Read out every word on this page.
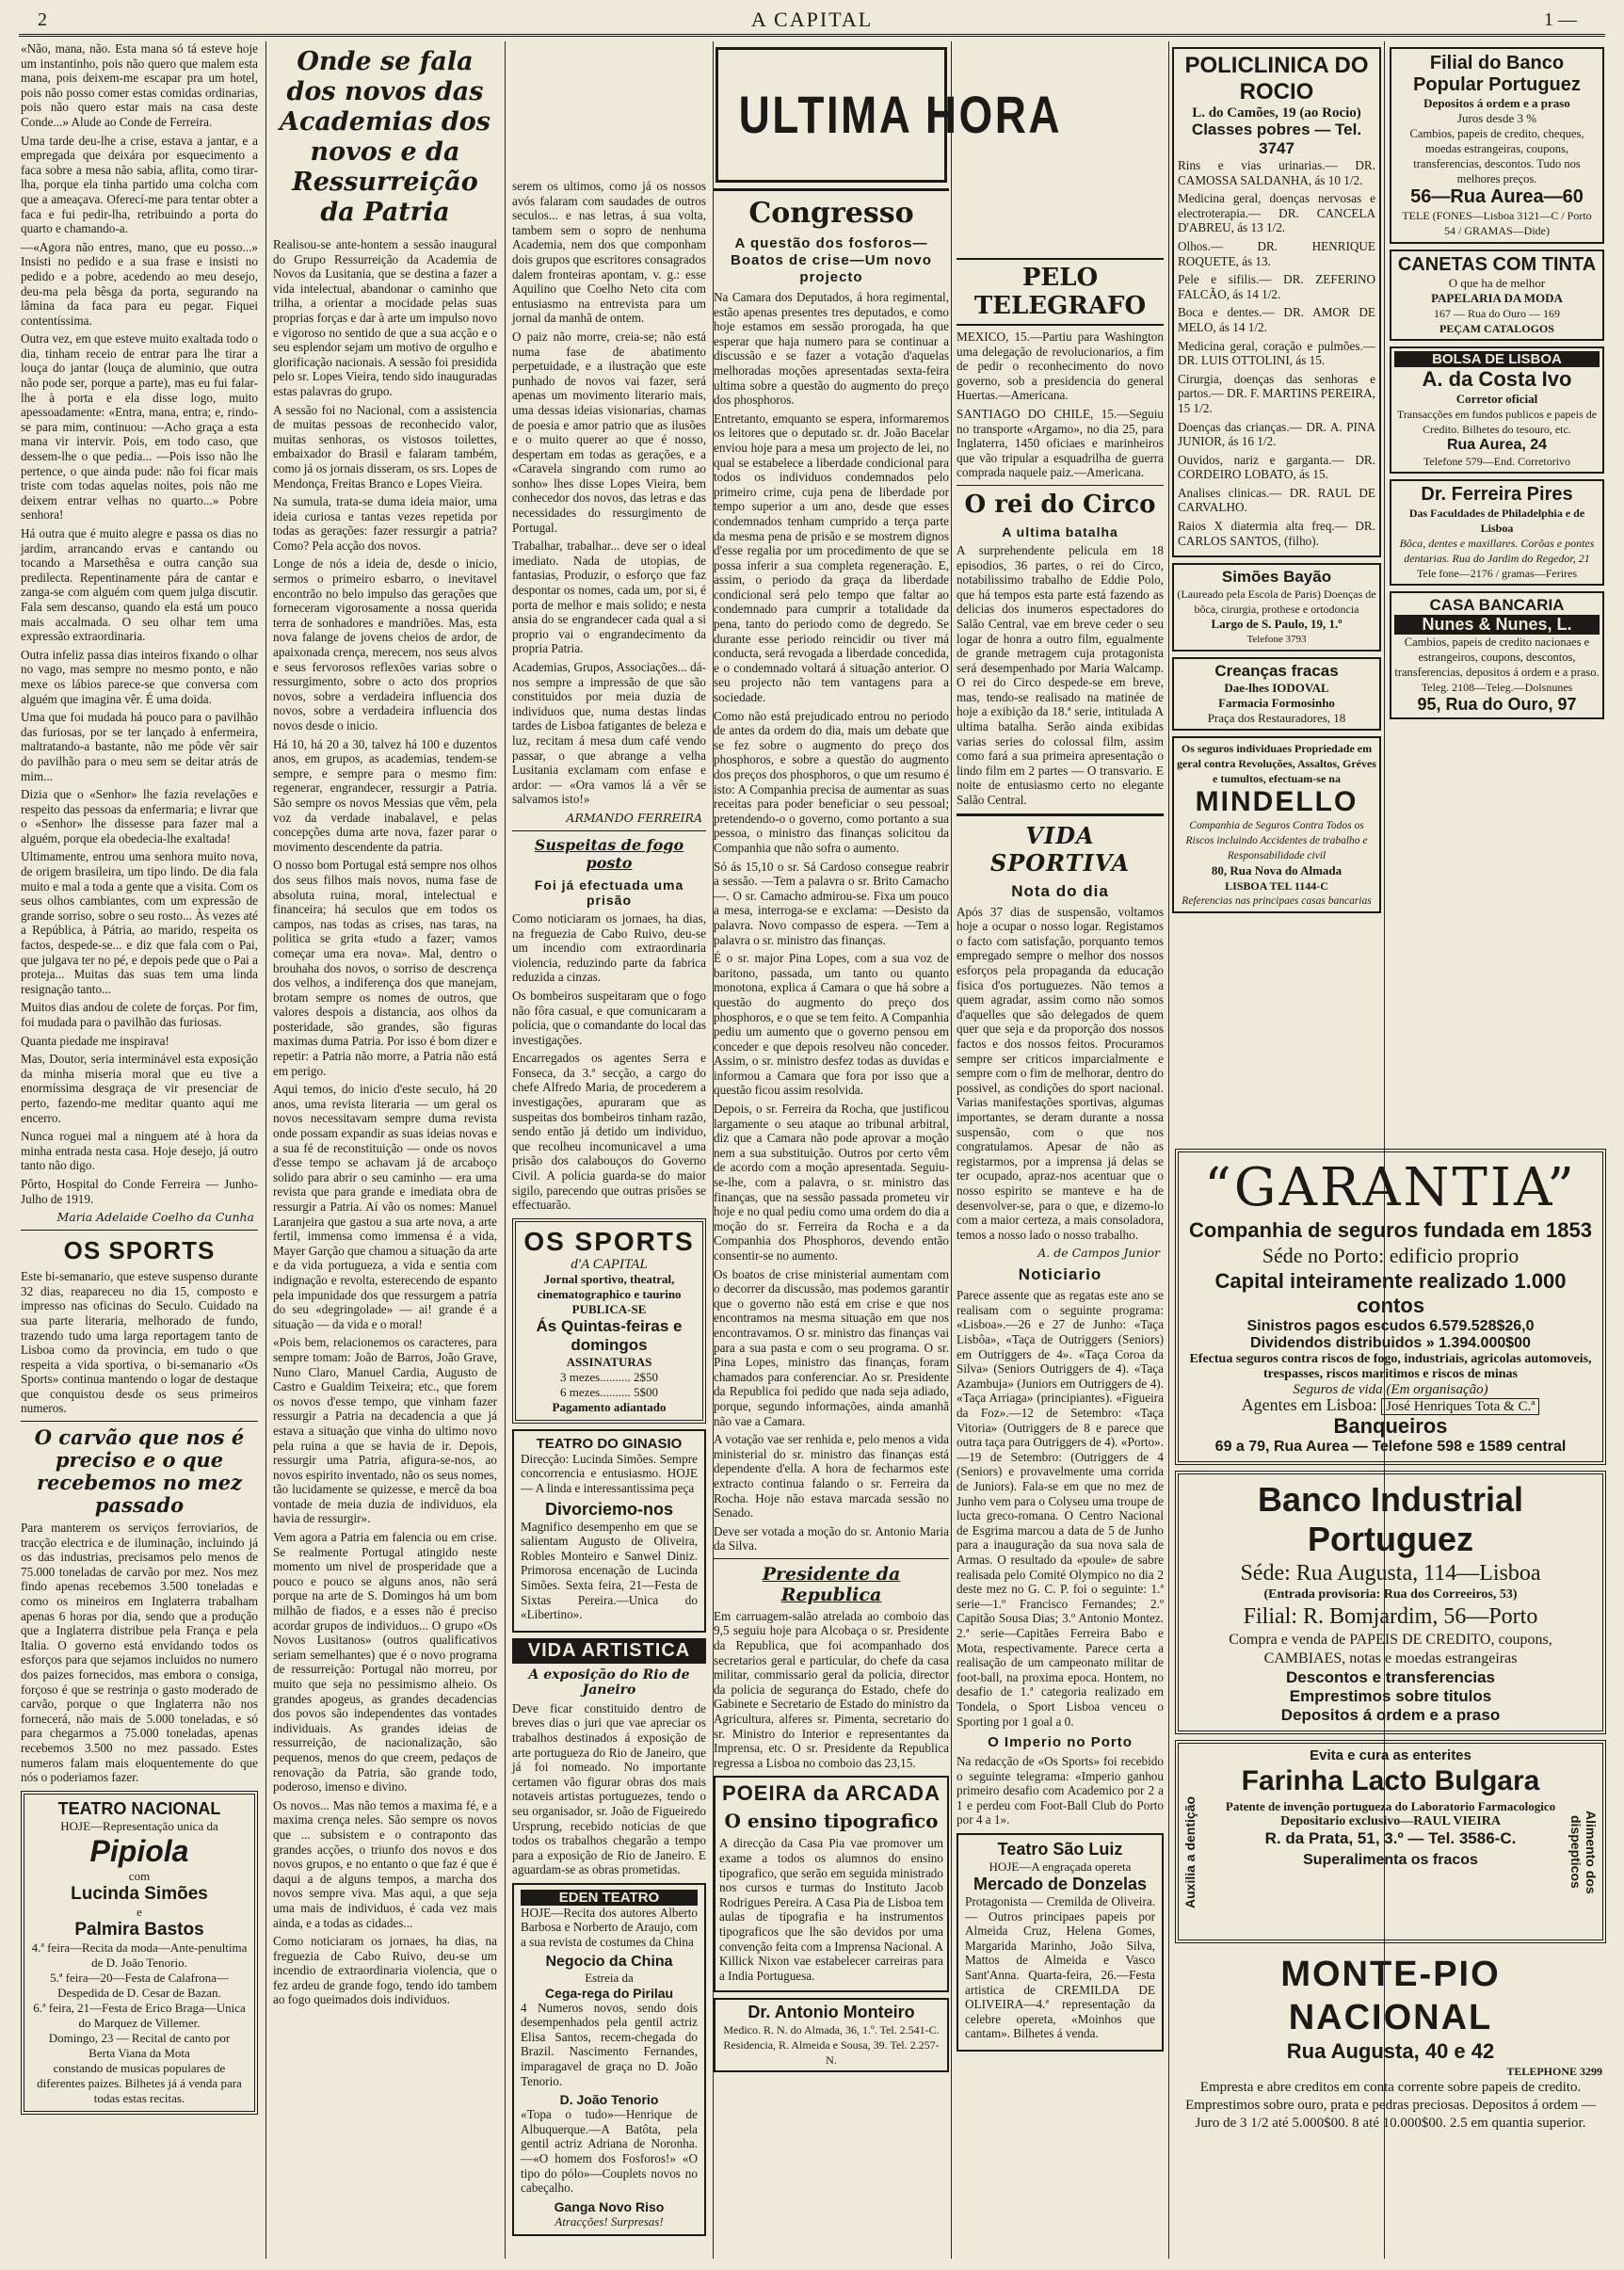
2	A CAPITAL	1 —
«Não, mana, não. Esta mana só tá esteve hoje um instantinho, pois não quero que malem esta mana, pois deixem-me escapar pra um hotel, pois não posso comer estas comidas ordinarias, pois não quero estar mais na casa deste Conde...» Alude ao Conde de Ferreira.
Uma tarde deu-lhe a crise, estava a jantar, e a empregada que deixára por esquecimento a faca sobre a mesa não sabia, aflita, como tirar-lha, porque ela tinha partido uma colcha com que a ameaçava. Oferecí-me para tentar obter a faca e fui pedir-lha, retribuindo a porta do quarto e chamando-a.
—«Agora não entres, mano, que eu posso...» Insisti no pedido e a sua frase e insisti no pedido e a pobre, acedendo ao meu desejo, deu-ma pela bêsga da porta, segurando na lâmina da faca para eu pegar. Fiquei contentíssima.
Outra vez, em que esteve muito exaltada todo o dia, tinham receio de entrar para lhe tirar a louça do jantar (louça de aluminio, que outra não pode ser, porque a parte), mas eu fui falar-lhe à porta e ela disse logo, muito apessoadamente: «Entra, mana, entra; e, rindo-se para mim, continuou: —Acho graça a esta mana vir intervir. Pois, em todo caso, que dessem-lhe o que pedia... —Pois isso não lhe pertence, o que ainda pude: não foi ficar mais triste com todas aquelas noites, pois não me deixem entrar velhas no quarto...» Pobre senhora!
Há outra que é muito alegre e passa os dias no jardim, arrancando ervas e cantando ou tocando a Marsethêsa e outra canção sua predilecta. Repentinamente pára de cantar e zanga-se com alguém com quem julga discutir. Fala sem descanso, quando ela está um pouco mais accalmada. O seu olhar tem uma expressão extraordinaria.
Outra infeliz passa dias inteiros fixando o olhar no vago, mas sempre no mesmo ponto, e não mexe os lábios parece-se que conversa com alguém que imagina vêr. É uma doida.
Uma que foi mudada há pouco para o pavilhão das furiosas, por se ter lançado à enfermeira, maltratando-a bastante, não me pôde vêr sair do pavilhão para o meu sem se deitar atrás de mim...
Dizia que o «Senhor» lhe fazia revelações e respeito das pessoas da enfermaria; e livrar que o «Senhor» lhe dissesse para fazer mal a alguém, porque ela obedecia-lhe exaltada!
Ultimamente, entrou uma senhora muito nova, de origem brasileira, um tipo lindo. De dia fala muito e mal a toda a gente que a visita. Com os seus olhos cambiantes, com um expressão de grande sorriso, sobre o seu rosto... Às vezes até a República, à Pátria, ao marido, respeita os factos, despede-se... e diz que fala com o Pai, que julgava ter no pé, e depois pede que o Pai a proteja... Muitas das suas tem uma linda resignação tanto...
Muitos dias andou de colete de forças. Por fim, foi mudada para o pavilhão das furiosas.
Quanta piedade me inspirava!
Mas, Doutor, seria interminável esta exposição da minha miseria moral que eu tive a enormíssima desgraça de vir presenciar de perto, fazendo-me meditar quanto aqui me encerro.
Nunca roguei mal a ninguem até à hora da minha entrada nesta casa. Hoje desejo, já outro tanto não digo.
Pôrto, Hospital do Conde Ferreira — Junho-Julho de 1919.
Maria Adelaide Coelho da Cunha
OS SPORTS
Este bi-semanario, que esteve suspenso durante 32 dias, reapareceu no dia 15, composto e impresso nas oficinas do Seculo. Cuidado na sua parte literaria, melhorado de fundo, trazendo tudo uma larga reportagem tanto de Lisboa como da provincia, em tudo o que respeita a vida sportiva, o bi-semanario «Os Sports» continua mantendo o logar de destaque que conquistou desde os seus primeiros numeros.
O carvão que nos é preciso e o que recebemos no mez passado
Para manterem os serviços ferroviarios, de tracção electrica e de iluminação, incluindo já os das industrias, precisamos pelo menos de 75.000 toneladas de carvão por mez. Nos mez findo apenas recebemos 3.500 toneladas e como os mineiros em Inglaterra trabalham apenas 6 horas por dia, sendo que a produção que a Inglaterra distribue pela França e pela Italia. O governo está envidando todos os esforços para que sejamos incluidos no numero dos paizes fornecidos, mas embora o consiga, forçoso é que se restrinja o gasto moderado de carvão, porque o que Inglaterra não nos fornecerá, não mais de 5.000 toneladas, e só para chegarmos a 75.000 toneladas, apenas recebemos 3.500 no mez passado. Estes numeros falam mais eloquentemente do que nós o poderiamos fazer.
TEATRO NACIONAL
HOJE—Representação unica da
Pipiola
com
Lucinda Simões
e
Palmira Bastos
4.ª feira—Recita da moda—Ante-penultima de D. João Tenorio.
5.ª feira—20—Festa de Calafrona—Despedida de D. Cesar de Bazan.
6.ª feira, 21—Festa de Erico Braga—Unica do Marquez de Villemer.
Domingo, 23 — Recital de canto por
Berta Viana da Mota
constando de musicas populares de diferentes paizes. Bilhetes já á venda para todas estas recitas.
Onde se fala dos novos das Academias dos novos e da Ressurreição da Patria
Realisou-se ante-hontem a sessão inaugural do Grupo Ressurreição da Academia de Novos da Lusitania, que se destina a fazer a vida intelectual, abandonar o caminho que trilha, a orientar a mocidade pelas suas proprias forças e dar à arte um impulso novo e vigoroso no sentido de que a sua acção e o seu esplendor sejam um motivo de orgulho e glorificação nacionais. A sessão foi presidida pelo sr. Lopes Vieira, tendo sido inauguradas estas palavras do grupo.
A sessão foi no Nacional, com a assistencia de muitas pessoas de reconhecido valor, muitas senhoras, os vistosos toilettes, embaixador do Brasil e falaram também, como já os jornais disseram, os srs. Lopes de Mendonça, Freitas Branco e Lopes Vieira.
Na sumula, trata-se duma ideia maior, uma ideia curiosa e tantas vezes repetida por todas as gerações: fazer ressurgir a patria? Como? Pela acção dos novos.
Longe de nós a ideia de, desde o inicio, sermos o primeiro esbarro, o inevitavel encontrão no belo impulso das gerações que forneceram vigorosamente a nossa querida terra de sonhadores e mandriões. Mas, esta nova falange de jovens cheios de ardor, de apaixonada crença, merecem, nos seus alvos e seus fervorosos reflexões varias sobre o ressurgimento, sobre o acto dos proprios novos, sobre a verdadeira influencia dos novos, sobre a verdadeira influencia dos novos desde o inicio.
Há 10, há 20 a 30, talvez há 100 e duzentos anos, em grupos, as academias, tendem-se sempre, e sempre para o mesmo fim: regenerar, engrandecer, ressurgir a Patria. São sempre os novos Messias que vêm, pela voz da verdade inabalavel, e pelas concepções duma arte nova, fazer parar o movimento descendente da patria.
O nosso bom Portugal está sempre nos olhos dos seus filhos mais novos, numa fase de absoluta ruina, moral, intelectual e financeira; há seculos que em todos os campos, nas todas as crises, nas taras, na politica se grita «tudo a fazer; vamos começar uma era nova». Mal, dentro o brouhaha dos novos, o sorriso de descrença dos velhos, a indiferença dos que manejam, brotam sempre os nomes de outros, que valores despois a distancia, aos olhos da posteridade, são grandes, são figuras maximas duma Patria. Por isso é bom dizer e repetir: a Patria não morre, a Patria não está em perigo.
Aqui temos, do inicio d'este seculo, há 20 anos, uma revista literaria — um geral os novos necessitavam sempre duma revista onde possam expandir as suas ideias novas e a sua fé de reconstituição — onde os novos d'esse tempo se achavam já de arcaboço solido para abrir o seu caminho — era uma revista que para grande e imediata obra de ressurgir a Patria. Aí vão os nomes: Manuel Laranjeira que gastou a sua arte nova, a arte fertil, immensa como immensa é a vida, Mayer Garção que chamou a situação da arte e da vida portugueza, a vida e sentia com indignação e revolta, esterecendo de espanto pela impunidade dos que ressurgem a patria do seu «degringolade» — ai! grande é a situação — da vida e o moral!
«Pois bem, relacionemos os caracteres, para sempre tomam: João de Barros, João Grave, Nuno Claro, Manuel Cardia, Augusto de Castro e Gualdim Teixeira; etc., que forem os novos d'esse tempo, que vinham fazer ressurgir a Patria na decadencia a que já estava a situação que vinha do ultimo novo pela ruina a que se havia de ir. Depois, ressurgir uma Patria, afigura-se-nos, ao novos espirito inventado, não os seus nomes, tão lucidamente se quizesse, e mercê da boa vontade de meia duzia de individuos, ela havia de ressurgir».
Vem agora a Patria em falencia ou em crise. Se realmente Portugal atingido neste momento um nivel de prosperidade que a pouco e pouco se alguns anos, não será porque na arte de S. Domingos há um bom milhão de fiados, e a esses não é preciso acordar grupos de individuos... O grupo «Os Novos Lusitanos» (outros qualificativos seriam semelhantes) que é o novo programa de ressurreição: Portugal não morreu, por muito que seja no pessimismo alheio. Os grandes apogeus, as grandes decadencias dos povos são independentes das vontades individuais. As grandes ideias de ressurreição, de nacionalização, são pequenos, menos do que creem, pedaços de renovação da Patria, são grande todo, poderoso, imenso e divino.
Os novos... Mas não temos a maxima fé, e a maxima crença neles. São sempre os novos que ... subsistem e o contraponto das grandes acções, o triunfo dos novos e dos novos grupos, e no entanto o que faz é que é daqui a de alguns tempos, a marcha dos novos sempre viva. Mas aqui, a que seja uma mais de individuos, é cada vez mais ainda, e a todas as cidades...
Como noticiaram os jornaes, ha dias, na freguezia de Cabo Ruivo, deu-se um incendio de extraordinaria violencia, que o fez ardeu de grande fogo, tendo ido tambem ao fogo queimados dois individuos.
serem os ultimos, como já os nossos avós falaram com saudades de outros seculos... e nas letras, á sua volta, tambem sem o sopro de nenhuma Academia, nem dos que componham dois grupos que escritores consagrados dalem fronteiras apontam, v. g.: esse Aquilino que Coelho Neto cita com entusiasmo na entrevista para um jornal da manhã de ontem.
O paiz não morre, creia-se; não está numa fase de abatimento perpetuidade, e a ilustração que este punhado de novos vai fazer, será apenas um movimento literario mais, uma dessas ideias visionarias, chamas de poesia e amor patrio que as ilusões e o muito querer ao que é nosso, despertam em todas as gerações, e a «Caravela singrando com rumo ao sonho» lhes disse Lopes Vieira, bem conhecedor dos novos, das letras e das necessidades do ressurgimento de Portugal.
Trabalhar, trabalhar... deve ser o ideal imediato. Nada de utopias, de fantasias, Produzir, o esforço que faz despontar os nomes, cada um, por si, é porta de melhor e mais solido; e nesta ansia do se engrandecer cada qual a si proprio vai o engrandecimento da propria Patria.
Academias, Grupos, Associações... dá-nos sempre a impressão de que são constituidos por meia duzia de individuos que, numa destas lindas tardes de Lisboa fatigantes de beleza e luz, recitam á mesa dum café vendo passar, o que abrange a velha Lusitania exclamam com enfase e ardor: — «Ora vamos lá a vêr se salvamos isto!»
ARMANDO FERREIRA
Suspeitas de fogo posto
Foi já efectuada uma prisão
Como noticiaram os jornaes, ha dias, na freguezia de Cabo Ruivo, deu-se um incendio com extraordinaria violencia, reduzindo parte da fabrica reduzida a cinzas.
Os bombeiros suspeitaram que o fogo não fôra casual, e que comunicaram a polícia, que o comandante do local das investigações.
Encarregados os agentes Serra e Fonseca, da 3.ª secção, a cargo do chefe Alfredo Maria, de procederem a investigações, apuraram que as suspeitas dos bombeiros tinham razão, sendo então já detido um individuo, que recolheu incomunicavel a uma prisão dos calabouços do Governo Civil. A policia guarda-se do maior sigilo, parecendo que outras prisões se effectuarão.
OS SPORTS
d'A CAPITAL
Jornal sportivo, theatral, cinematographico e taurino PUBLICA-SE
Ás Quintas-feiras e domingos
ASSINATURAS
3 mezes.......... 2$50
6 mezes.......... 5$00
Pagamento adiantado
TEATRO DO GINASIO
Direcção: Lucinda Simões. Sempre concorrencia e entusiasmo. HOJE — A linda e interessantissima peça
Divorciemo-nos
Magnifico desempenho em que se salientam Augusto de Oliveira, Robles Monteiro e Sanwel Diniz. Primorosa encenação de Lucinda Simões. Sexta feira, 21—Festa de Sixtas Pereira.—Unica do «Libertino».
VIDA ARTISTICA
A exposição do Rio de Janeiro
Deve ficar constituido dentro de breves dias o juri que vae apreciar os trabalhos destinados á exposição de arte portugueza do Rio de Janeiro, que já foi nomeado. No importante certamen vão figurar obras dos mais notaveis artistas portuguezes, tendo o seu organisador, sr. João de Figueiredo Ursprung, recebido noticias de que todos os trabalhos chegarão a tempo para a exposição de Rio de Janeiro. E aguardam-se as obras prometidas.
EDEN TEATRO
HOJE—Recita dos autores Alberto Barbosa e Norberto de Araujo, com a sua revista de costumes da China
Negocio da China
Estreia da
Cega-rega do Pirilau
4 Numeros novos, sendo dois desempenhados pela gentil actriz Elisa Santos, recem-chegada do Brazil. Nascimento Fernandes, imparagavel de graça no D. João Tenorio.
D. João Tenorio
«Topa o tudo»—Henrique de Albuquerque.—A Batôta, pela gentil actriz Adriana de Noronha.—«O homem dos Fosforos!» «O tipo do pólo»—Couplets novos no cabeçalho.
Ganga Novo Riso
Atracções! Surpresas!
ULTIMA HORA
Congresso
A questão dos fosforos—Boatos de crise—Um novo projecto
Na Camara dos Deputados, á hora regimental, estão apenas presentes tres deputados, e como hoje estamos em sessão prorogada, ha que esperar que haja numero para se continuar a discussão e se fazer a votação d'aquelas melhoradas moções apresentadas sexta-feira ultima sobre a questão do augmento do preço dos phosphoros.
Entretanto, emquanto se espera, informaremos os leitores que o deputado sr. dr. João Bacelar enviou hoje para a mesa um projecto de lei, no qual se estabelece a liberdade condicional para todos os individuos condemnados pelo primeiro crime, cuja pena de liberdade por tempo superior a um ano, desde que esses condemnados tenham cumprido a terça parte da mesma pena de prisão e se mostrem dignos d'esse regalia por um procedimento de que se possa inferir a sua completa regeneração. E, assim, o periodo da graça da liberdade condicional será pelo tempo que faltar ao condemnado para cumprir a totalidade da pena, tanto do periodo como de degredo. Se durante esse periodo reincidir ou tiver má conducta, será revogada a liberdade concedida, e o condemnado voltará á situação anterior. O seu projecto não tem vantagens para a sociedade.
Como não está prejudicado entrou no periodo de antes da ordem do dia, mais um debate que se fez sobre o augmento do preço dos phosphoros, e sobre a questão do augmento dos preços dos phosphoros, o que um resumo é isto: A Companhia precisa de aumentar as suas receitas para poder beneficiar o seu pessoal; pretendendo-o o governo, como portanto a sua pessoa, o ministro das finanças solicitou da Companhia que não sofra o aumento.
Só ás 15,10 o sr. Sá Cardoso consegue reabrir a sessão. —Tem a palavra o sr. Brito Camacho—. O sr. Camacho admirou-se. Fixa um pouco a mesa, interroga-se e exclama: —Desisto da palavra. Novo compasso de espera. —Tem a palavra o sr. ministro das finanças.
É o sr. major Pina Lopes, com a sua voz de baritono, passada, um tanto ou quanto monotona, explica á Camara o que há sobre a questão do augmento do preço dos phosphoros, e o que se tem feito. A Companhia pediu um aumento que o governo pensou em conceder e que depois resolveu não conceder. Assim, o sr. ministro desfez todas as duvidas e informou a Camara que fora por isso que a questão ficou assim resolvida.
Depois, o sr. Ferreira da Rocha, que justificou largamente o seu ataque ao tribunal arbitral, diz que a Camara não pode aprovar a moção nem a sua substituição. Outros por certo vêm de acordo com a moção apresentada. Seguiu-se-lhe, com a palavra, o sr. ministro das finanças, que na sessão passada prometeu vir hoje e no qual pediu como uma ordem do dia a moção do sr. Ferreira da Rocha e a da Companhia dos Phosphoros, devendo então consentir-se no aumento.
Os boatos de crise ministerial aumentam com o decorrer da discussão, mas podemos garantir que o governo não está em crise e que nos encontramos na mesma situação em que nos encontravamos. O sr. ministro das finanças vai para a sua pasta e com o seu programa. O sr. Pina Lopes, ministro das finanças, foram chamados para conferenciar. Ao sr. Presidente da Republica foi pedido que nada seja adiado, porque, segundo informações, ainda amanhã não vae a Camara.
A votação vae ser renhida e, pelo menos a vida ministerial do sr. ministro das finanças está dependente d'ella. A hora de fecharmos este extracto continua falando o sr. Ferreira da Rocha. Hoje não estava marcada sessão no Senado.
Deve ser votada a moção do sr. Antonio Maria da Silva.
Presidente da Republica
Em carruagem-salão atrelada ao comboio das 9,5 seguiu hoje para Alcobaça o sr. Presidente da Republica, que foi acompanhado dos secretarios geral e particular, do chefe da casa militar, commissario geral da policia, director da policia de segurança do Estado, chefe do Gabinete e Secretario de Estado do ministro da Agricultura, alferes sr. Pimenta, secretario do sr. Ministro do Interior e representantes da Imprensa, etc. O sr. Presidente da Republica regressa a Lisboa no comboio das 23,15.
POEIRA da ARCADA
O ensino tipografico
A direcção da Casa Pia vae promover um exame a todos os alumnos do ensino tipografico, que serão em seguida ministrado nos cursos e turmas do Instituto Jacob Rodrigues Pereira. A Casa Pia de Lisboa tem aulas de tipografia e ha instrumentos tipograficos que lhe são devidos por uma convenção feita com a Imprensa Nacional. A Killick Nixon vae estabelecer carreiras para a India Portuguesa.
Dr. Antonio Monteiro
Medico. R. N. do Almada, 36, 1.º. Tel. 2.541-C. Residencia, R. Almeida e Sousa, 39. Tel. 2.257-N.
PELO TELEGRAFO
MEXICO, 15.—Partiu para Washington uma delegação de revolucionarios, a fim de pedir o reconhecimento do novo governo, sob a presidencia do general Huertas.—Americana.
SANTIAGO DO CHILE, 15.—Seguiu no transporte «Argamo», no dia 25, para Inglaterra, 1450 oficiaes e marinheiros que vão tripular a esquadrilha de guerra comprada naquele paiz.—Americana.
O rei do Circo
A ultima batalha
A surprehendente pelicula em 18 episodios, 36 partes, o rei do Circo, notabilissimo trabalho de Eddie Polo, que há tempos esta parte está fazendo as delicias dos inumeros espectadores do Salão Central, vae em breve ceder o seu logar de honra a outro film, egualmente de grande metragem cuja protagonista será desempenhado por Maria Walcamp. O rei do Circo despede-se em breve, mas, tendo-se realisado na matinée de hoje a exibição da 18.ª serie, intitulada A ultima batalha. Serão ainda exibidas varias series do colossal film, assim como fará a sua primeira apresentação o lindo film em 2 partes — O transvario. E noite de entusiasmo certo no elegante Salão Central.
VIDA SPORTIVA
Nota do dia
Após 37 dias de suspensão, voltamos hoje a ocupar o nosso logar. Registamos o facto com satisfação, porquanto temos empregado sempre o melhor dos nossos esforços pela propaganda da educação fisica d'os portuguezes. Não temos a quem agradar, assim como não somos d'aquelles que são delegados de quem quer que seja e da proporção dos nossos factos e dos nossos feitos. Procuramos sempre ser criticos imparcialmente e sempre com o fim de melhorar, dentro do possivel, as condições do sport nacional. Varias manifestações sportivas, algumas importantes, se deram durante a nossa suspensão, com o que nos congratulamos. Apesar de não as registarmos, por a imprensa já delas se ter ocupado, apraz-nos acentuar que o nosso espirito se manteve e ha de desenvolver-se, para o que, e dizemo-lo com a maior certeza, a mais consoladora, temos a nosso lado o nosso trabalho.
A. de Campos Junior
Noticiario
Parece assente que as regatas este ano se realisam com o seguinte programa: «Lisboa».—26 e 27 de Junho: «Taça Lisbôa», «Taça de Outriggers (Seniors) em Outriggers de 4». «Taça Coroa da Silva» (Seniors Outriggers de 4). «Taça Azambuja» (Juniors em Outriggers de 4). «Taça Arriaga» (principiantes). «Figueira da Foz».—12 de Setembro: «Taça Vitoria» (Outriggers de 8 e parece que outra taça para Outriggers de 4). «Porto».—19 de Setembro: (Outriggers de 4 (Seniors) e provavelmente uma corrida de Juniors). Fala-se em que no mez de Junho vem para o Colyseu uma troupe de lucta greco-romana. O Centro Nacional de Esgrima marcou a data de 5 de Junho para a inauguração da sua nova sala de Armas. O resultado da «poule» de sabre realisada pelo Comité Olympico no dia 2 deste mez no G. C. P. foi o seguinte: 1.ª serie—1.º Francisco Fernandes; 2.º Capitão Sousa Dias; 3.º Antonio Montez. 2.ª serie—Capitães Ferreira Babo e Mota, respectivamente. Parece certa a realisação de um campeonato militar de foot-ball, na proxima epoca. Hontem, no desafio de 1.ª categoria realizado em Tondela, o Sport Lisboa venceu o Sporting por 1 goal a 0.
O Imperio no Porto
Na redacção de «Os Sports» foi recebido o seguinte telegrama: «Imperio ganhou primeiro desafio com Academico por 2 a 1 e perdeu com Foot-Ball Club do Porto por 4 a 1».
Teatro São Luiz
HOJE—A engraçada opereta
Mercado de Donzelas
Protagonista — Cremilda de Oliveira. — Outros principaes papeis por Almeida Cruz, Helena Gomes, Margarida Marinho, João Silva, Mattos de Almeida e Vasco Sant'Anna. Quarta-feira, 26.—Festa artistica de CREMILDA DE OLIVEIRA—4.ª representação da celebre opereta, «Moinhos que cantam». Bilhetes á venda.
POLICLINICA DO ROCIO
L. do Camões, 19 (ao Rocio)
Classes pobres — Tel. 3747
Rins e vias urinarias.— DR. CAMOSSA SALDANHA, ás 10 1/2.
Medicina geral, doenças nervosas e electroterapia.— DR. CANCELA D'ABREU, ás 13 1/2.
Olhos.— DR. HENRIQUE ROQUETE, ás 13.
Pele e sifilis.— DR. ZEFERINO FALCÃO, ás 14 1/2.
Boca e dentes.— DR. AMOR DE MELO, ás 14 1/2.
Medicina geral, coração e pulmões.— DR. LUIS OTTOLINI, ás 15.
Cirurgia, doenças das senhoras e partos.— DR. F. MARTINS PEREIRA, 15 1/2.
Doenças das crianças.— DR. A. PINA JUNIOR, ás 16 1/2.
Ouvidos, nariz e garganta.— DR. CORDEIRO LOBATO, ás 15.
Analises clinicas.— DR. RAUL DE CARVALHO.
Raios X diatermia alta freq.— DR. CARLOS SANTOS, (filho).
Simões Bayão
(Laureado pela Escola de Paris) Doenças de bôca, cirurgia, prothese e ortodoncia
Largo de S. Paulo, 19, 1.º
Telefone 3793
Creanças fracas
Dae-lhes IODOVAL
Farmacia Formosinho
Praça dos Restauradores, 18
Os seguros individuaes Propriedade em geral contra Revoluções, Assaltos, Gréves e tumultos, efectuam-se na
MINDELLO
Companhia de Seguros Contra Todos os Riscos incluindo Accidentes de trabalho e Responsabilidade civil
80, Rua Nova do Almada
LISBOA TEL 1144-C
Referencias nas principaes casas bancarias
Filial do Banco Popular Portuguez
Depositos á ordem e a praso
Juros desde 3 %
Cambios, papeis de credito, cheques, moedas estrangeiras, coupons, transferencias, descontos. Tudo nos melhores preços.
56—Rua Aurea—60
TELE (FONES—Lisboa 3121—C / Porto 54 / GRAMAS—Dide)
CANETAS COM TINTA
O que ha de melhor
PAPELARIA DA MODA
167 — Rua do Ouro — 169
PEÇAM CATALOGOS
BOLSA DE LISBOA
A. da Costa Ivo
Corretor oficial
Transacções em fundos publicos e papeis de Credito. Bilhetes do tesouro, etc.
Rua Aurea, 24
Telefone 579—End. Corretorivo
Dr. Ferreira Pires
Das Faculdades de Philadelphia e de Lisboa
Bôca, dentes e maxillares. Corôas e pontes dentarias. Rua do Jardim do Regedor, 21
Tele fone—2176 / gramas—Ferires
CASA BANCARIA
Nunes & Nunes, L.
Cambios, papeis de credito nacionaes e estrangeiros, coupons, descontos, transferencias, depositos á ordem e a praso.
Teleg. 2108—Teleg.—Dolsnunes
95, Rua do Ouro, 97
“GARANTIA”
Companhia de seguros fundada em 1853
Séde no Porto: edificio proprio
Capital inteiramente realizado 1.000 contos
Sinistros pagos escudos 6.579.528$26,0
Dividendos distribuidos » 1.394.000$00
Efectua seguros contra riscos de fogo, industriais, agricolas automoveis, trespasses, riscos maritimos e riscos de minas
Seguros de vida (Em organisação)
Agentes em Lisboa: José Henriques Tota & C.ª
Banqueiros
69 a 79, Rua Aurea — Telefone 598 e 1589 central
Banco Industrial Portuguez
Séde: Rua Augusta, 114—Lisboa
(Entrada provisoria: Rua dos Correeiros, 53)
Filial: R. Bomjardim, 56—Porto
Compra e venda de PAPEIS DE CREDITO, coupons, CAMBIAES, notas e moedas estrangeiras
Descontos e transferencias
Emprestimos sobre titulos
Depositos á ordem e a praso
Auxilia a dentição	Alimento dos dispepticos
Evita e cura as enterites
Farinha Lacto Bulgara
Patente de invenção portugueza do Laboratorio Farmacologico
Depositario exclusivo—RAUL VIEIRA
R. da Prata, 51, 3.º — Tel. 3586-C.
Superalimenta os fracos
MONTE-PIO NACIONAL
Rua Augusta, 40 e 42
TELEPHONE 3299
Empresta e abre creditos em conta corrente sobre papeis de credito. Emprestimos sobre ouro, prata e pedras preciosas. Depositos á ordem — Juro de 3 1/2 até 5.000$00. 8 até 10.000$00. 2.5 em quantia superior.
